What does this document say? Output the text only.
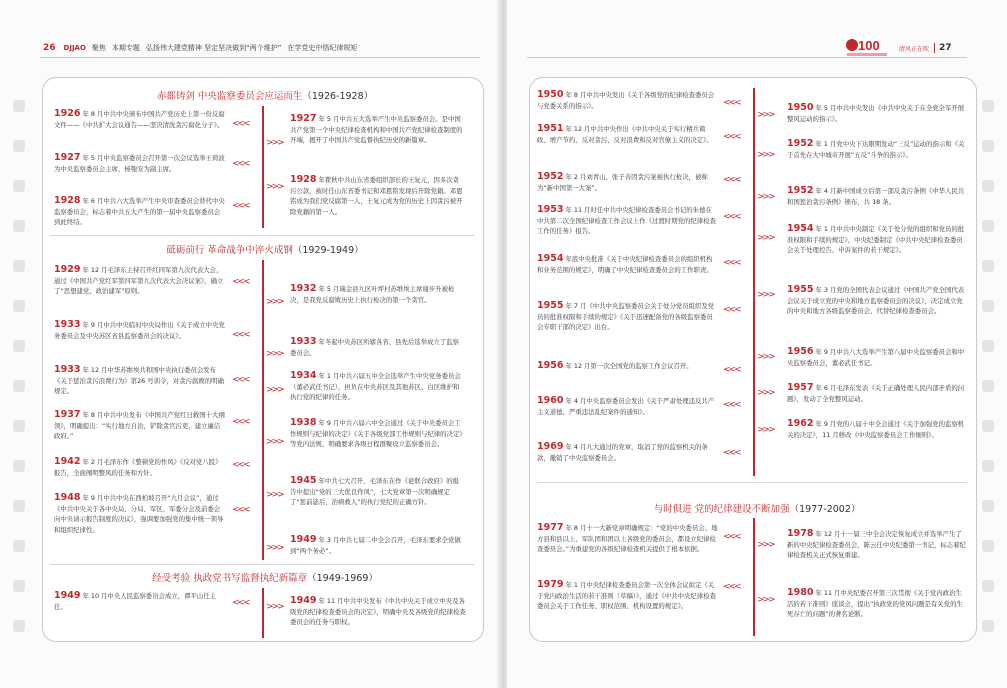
26 DJJAO 聚焦 本期专题 弘扬伟大建党精神 坚定坚决做到“两个维护” 在学党史中悟纪律规矩
赤都铸剑 中央监察委员会应运而生（1926-1928）
<<<
>>>
<<<
>>>
<<<
1926 年 8 月中共中央颁布中国共产党历史上第一份反腐文件——《中共扩大会议通告——坚决清洗贪污腐化分子》。
1927 年 5 月中央监察委员会召开第一次会议选举王荷波为中央监察委员会主席、杨匏安为副主席。
1928 年 6 月中共六大选举产生中央审查委员会替代中央监察委员会，标志着中共五大产生的第一届中央监察委员会到此终结。
1927 年 5 月中共五大选举产生中央监察委员会。是中国共产党第一个中央纪律检查机构和中国共产党纪律检查制度的开端，揭开了中国共产党监督执纪历史的新篇章。
1928 年瞿秋中共山东省委组织部长的王复元，因多次贪污公款，被时任山东省委书记和邓恩铭发现后开除党籍。邓恩铭成为我们党反腐第一人，王复元成为党的历史上因贪污被开除党籍的第一人。
砥砺前行 革命战争中淬火成钢（1929-1949）
<<<
>>>
<<<
>>>
<<<
>>>
<<<
>>>
<<<
>>>
<<<
>>>
1929 年 12 月毛泽东主持召开红四军第九次代表大会，通过《中国共产党红军第四军第九次代表大会决议案》，确立了“思想建党、政治建军”原则。
1933 年 9 月中共中央临时中央局作出《关于成立中央党务委员会及中央苏区省县监察委员会的决议》。
1933 年 12 月中华苏维埃共和国中央执行委员会发布《关于惩治贪污浪费行为》第26 号训令，对贪污腐败的明确规定。
1937 年 8 月中共中央发布《中国共产党红日救国十大纲领》，明确提出：“实行地方自治，铲除贪官污吏，建立廉洁政府。”
1942 年 2 月毛泽东作《整顿党的作风》《反对党八股》报告，全面阐明整风的任务和方针。
1948 年 9 月中共中央在西柏坡召开“九月会议”，通过《中共中央关于各中央局、分局、军区、军委分会及前委会向中央请示报告制度的决议》，强调要加强党的集中统一领导和组织纪律性。
1932 年 5 月瑞金县九区叶坪村苏维埃主席谢步升被枪决，是我党反腐败历史上执行枪决的第一个贪官。
1933 年冬起中央苏区所辖各省、县先后选举成立了监察委员会。
1934 年 1 月中共六届五中全会选举产生中央党务委员会（董必武任书记），担负在中央苏区及其他苏区、白区维护和执行党的纪律的任务。
1938 年 9 月中共六届六中全会通过《关于中央委员会工作规则与纪律的决定》《关于各级党部工作规则与纪律的决定》等党内法规，明确要求各级日程群聚设立监察委员会。
1945 年中共七大召开，毛泽东在作《论联合政府》的报告中提出“党的三大优良作风”，七大党章第一次明确规定了“惩前毖后、治病救人”的执行党纪的正确方针。
1949 年 3 月中共七届二中全会召开，毛泽东要求全党做到“两个务必”。
经受考验 执政党书写监督执纪新篇章（1949-1969）
<<< >>>
1949 年 10 月中央人民监察委员会成立，谭平山任主任。
1949 年 11 月中共中央发布《中共中央关于成立中央及各级党的纪律检查委员会的决定》，明确中央及各级党的纪律检查委员会的任务与职权。
清风正在吹 27
100
<<<
>>>
<<<
>>>
<<<
>>>
<<<
>>>
<<<
>>>
<<<
>>>
<<<
>>>
<<<
>>>
<<<
1950 年 8 月中共中央发出《关于各级党的纪律检查委员会与党委关系的指示》。
1951 年 12 月中共中央作出《中共中央关于实行精兵简政、增产节约、反对贪污、反对浪费和反对官僚主义的决定》。
1952 年 2 月刘青山、张子善因贪污案被执行枪决，被称为“新中国第一大案”。
1953 年 11 月时任中共中央纪律检查委员会书记的朱德在中共第二次全国纪律检查工作会议上作《过渡时期党的纪律检查工作的任务》报告。
1954 年底中央批准《关于中央纪律检查委员会的组织机构和业务范围的规定》，明确了中央纪律检查委员会的工作职责。
1955 年 7 月《中共中央监察委员会关于处分党员组织及党员的批准权限和手续的规定》《关于迅速配备党的各级监察委员会专职干部的决定》出台。
1956 年 12 月第一次全国党的监察工作会议召开。
1960 年 4 月中央监察委员会发出《关于严肃处理违反共产主义道德、严重违法乱纪案件的通知》。
1969 年 4 月九大通过的党章，取消了党的监察机关的条款，撤销了中央监察委员会。
1950 年 5 月中共中央发出《中共中央关于在全党全军开展整风运动的指示》。
1952 年 1 月党中央下达限期发动“三反”运动的指示和《关于首先在大中城市开展“五反”斗争的指示》。
1952 年 4 月新中国成立后第一部反贪污条例《中华人民共和国惩治贪污条例》颁布，共 18 条。
1954 年 1 月中共中央制定《关于处分党的组织和党员的批准权限和手续的规定》，中央纪委制定《中共中央纪律检查委员会关于处理控告、申诉案件的若干规定》。
1955 年 3 月党的全国代表会议通过《中国共产党全国代表会议关于成立党的中央和地方监察委员会的决议》，决定成立党的中央和地方各级监察委员会，代替纪律检查委员会。
1956 年 9 月中共八大选举产生第八届中央监察委员会和中央监察委员会，董必武任书记。
1957 年 6 月毛泽东发表《关于正确处理人民内部矛盾的问题》，发动了全党整风运动。
1962 年 9 月党的八届十中全会通过《关于加强党的监察机关的决定》，11 月修改《中央监察委员会工作细则》。
与时俱进 党的纪律建设不断加强（1977-2002）
<<<
>>>
<<<
>>>
1977 年 8 月十一大新党章明确规定：“党的中央委员会、地方县和县以上、军队团和团以上各级党的委员会，都设立纪律检查委员会。”为重建党的各级纪律检查机关提供了根本依据。
1979 年 1 月中央纪律检查委员会第一次全体会议拟定《关于党内政治生活的若干准则（草稿）》，通过《中共中央纪律检查委员会关于工作任务、职权范围、机构设置的规定》。
1978 年 12 月十一届三中全会决定恢复成立并选举产生了新的中央纪律检查委员会，陈云任中央纪委第一书记，标志着纪律检查机关正式恢复重建。
1980 年 11 月中央纪委召开第三次贯彻《关于党内政治生活的若干准则》座谈会，提出“执政党的党风问题是有关党的生死存亡的问题”的著名论断。
